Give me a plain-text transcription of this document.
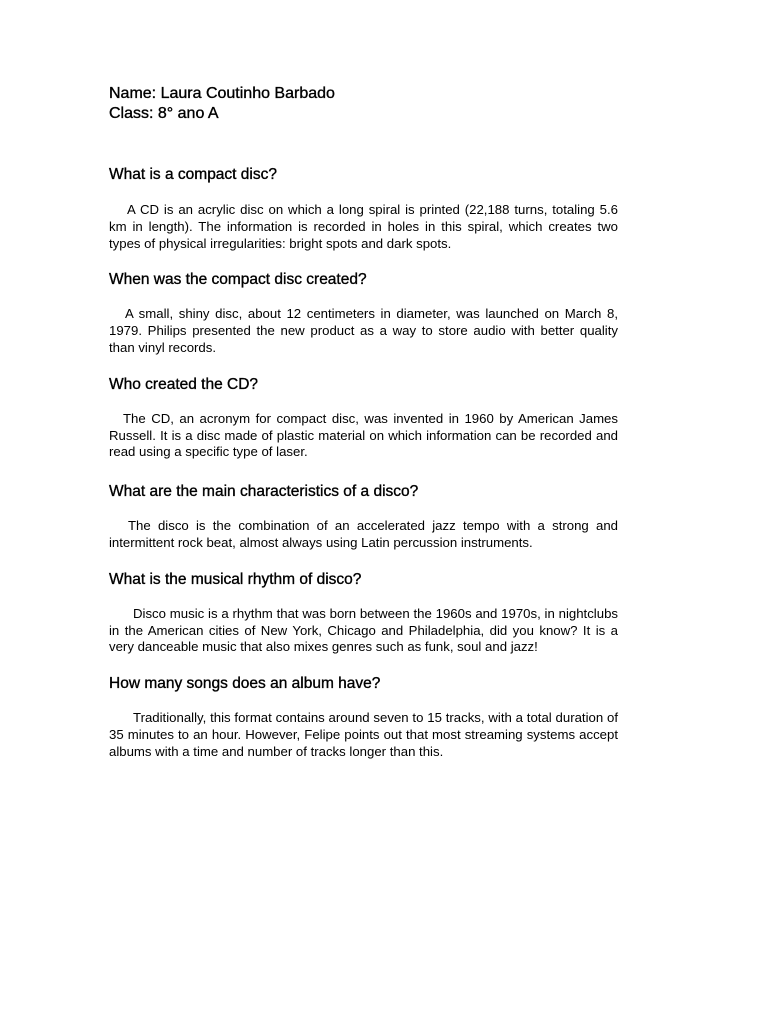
Name: Laura Coutinho Barbado

Class: 8° ano A

What is a compact disc?

A CD is an acrylic disc on which a long spiral is printed (22,188 turns, totaling 5.6 km in length). The information is recorded in holes in this spiral, which creates two types of physical irregularities: bright spots and dark spots.

When was the compact disc created?

A small, shiny disc, about 12 centimeters in diameter, was launched on March 8, 1979. Philips presented the new product as a way to store audio with better quality than vinyl records.

Who created the CD?

The CD, an acronym for compact disc, was invented in 1960 by American James Russell. It is a disc made of plastic material on which information can be recorded and read using a specific type of laser.

What are the main characteristics of a disco?

The disco is the combination of an accelerated jazz tempo with a strong and intermittent rock beat, almost always using Latin percussion instruments.

What is the musical rhythm of disco?

Disco music is a rhythm that was born between the 1960s and 1970s, in nightclubs in the American cities of New York, Chicago and Philadelphia, did you know? It is a very danceable music that also mixes genres such as funk, soul and jazz!

How many songs does an album have?

Traditionally, this format contains around seven to 15 tracks, with a total duration of 35 minutes to an hour. However, Felipe points out that most streaming systems accept albums with a time and number of tracks longer than this.
